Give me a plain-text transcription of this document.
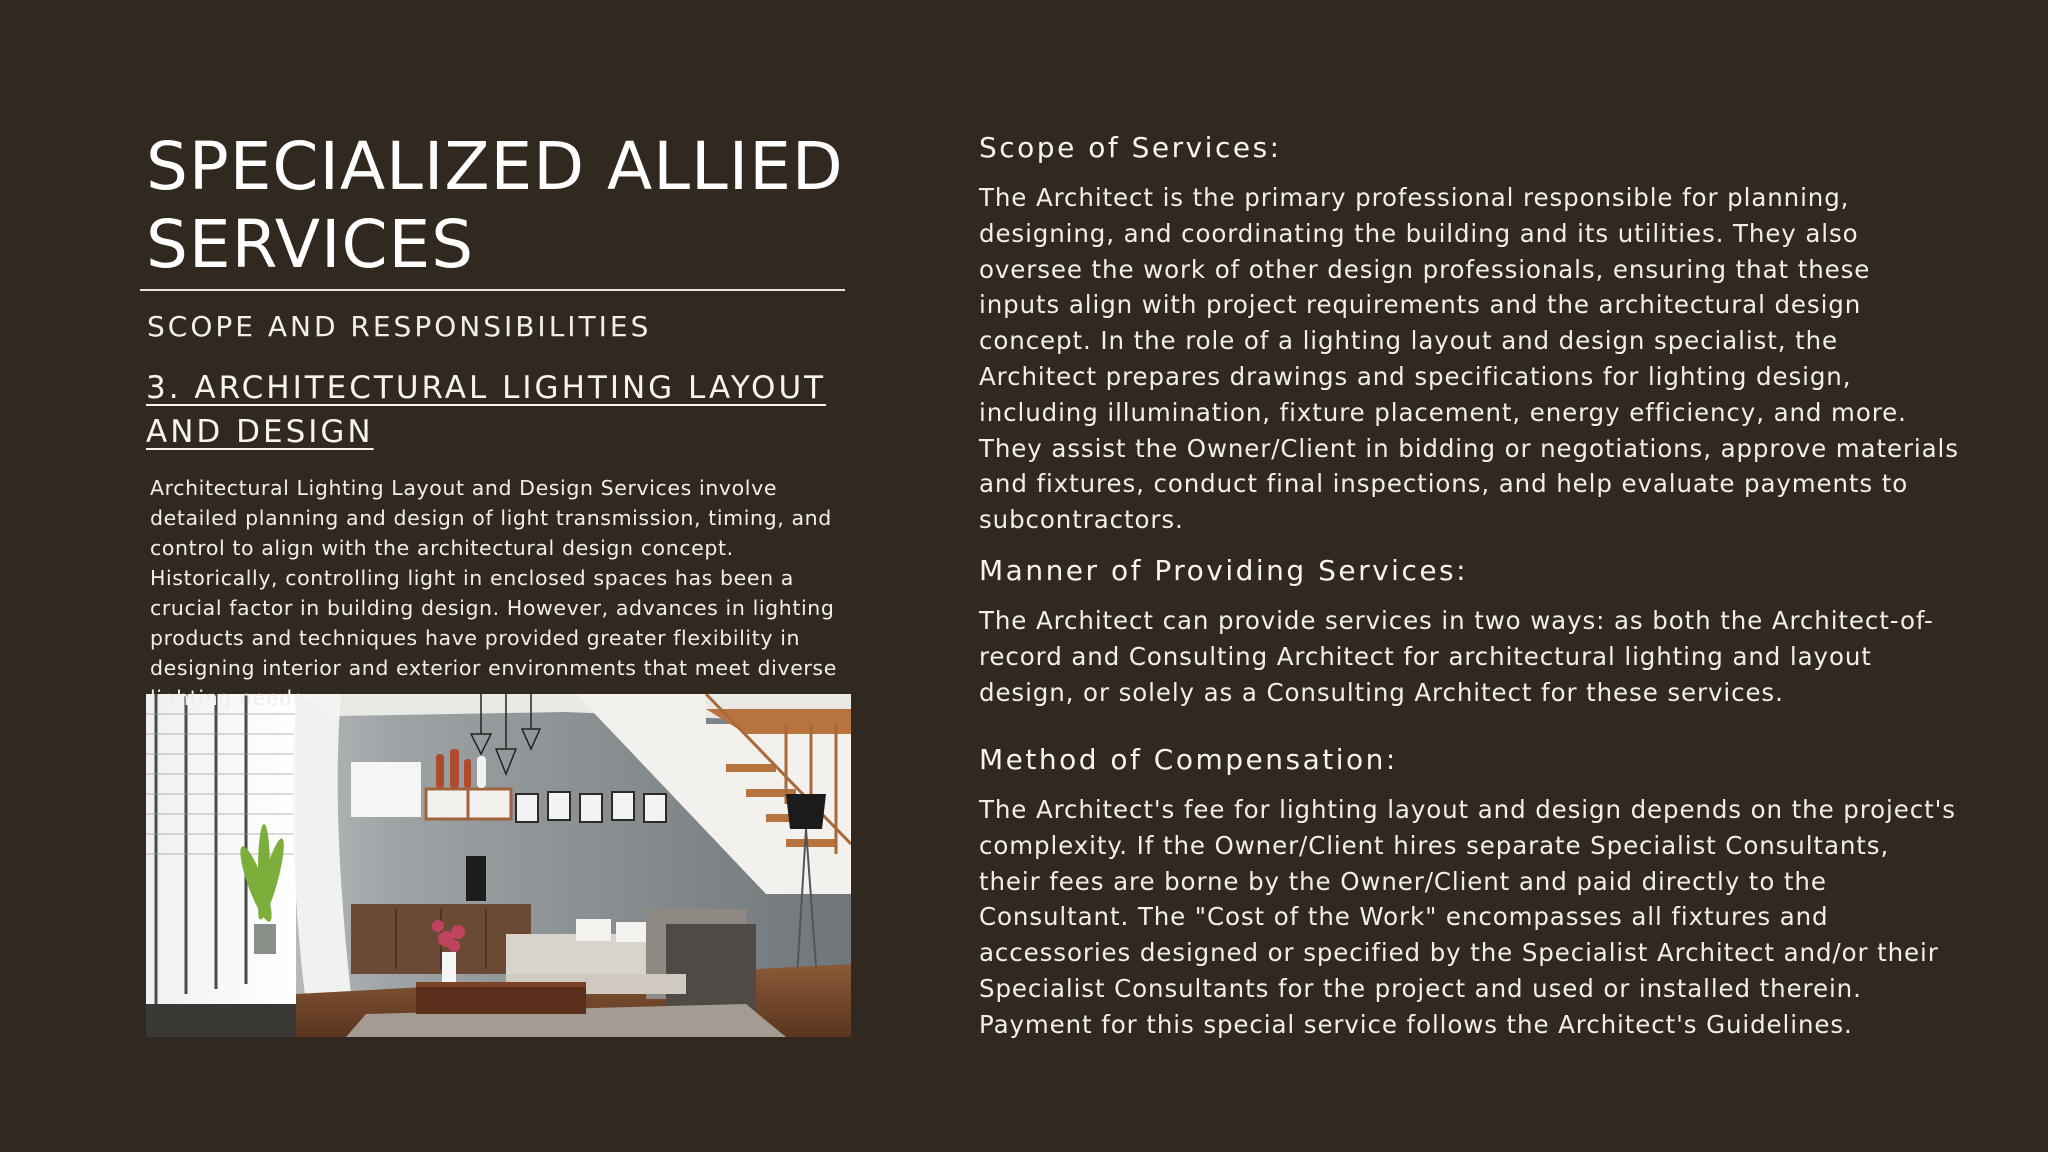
SPECIALIZED ALLIED SERVICES
SCOPE AND RESPONSIBILITIES
3. ARCHITECTURAL LIGHTING LAYOUT AND DESIGN

Architectural Lighting Layout and Design Services involve detailed planning and design of light transmission, timing, and control to align with the architectural design concept. Historically, controlling light in enclosed spaces has been a crucial factor in building design. However, advances in lighting products and techniques have provided greater flexibility in designing interior and exterior environments that meet diverse lighting needs.

Scope of Services:

The Architect is the primary professional responsible for planning, designing, and coordinating the building and its utilities. They also oversee the work of other design professionals, ensuring that these inputs align with project requirements and the architectural design concept. In the role of a lighting layout and design specialist, the Architect prepares drawings and specifications for lighting design, including illumination, fixture placement, energy efficiency, and more. They assist the Owner/Client in bidding or negotiations, approve materials and fixtures, conduct final inspections, and help evaluate payments to subcontractors.

Manner of Providing Services:

The Architect can provide services in two ways: as both the Architect-of-record and Consulting Architect for architectural lighting and layout design, or solely as a Consulting Architect for these services.

Method of Compensation:

The Architect's fee for lighting layout and design depends on the project's complexity. If the Owner/Client hires separate Specialist Consultants, their fees are borne by the Owner/Client and paid directly to the Consultant. The "Cost of the Work" encompasses all fixtures and accessories designed or specified by the Specialist Architect and/or their Specialist Consultants for the project and used or installed therein. Payment for this special service follows the Architect's Guidelines.
